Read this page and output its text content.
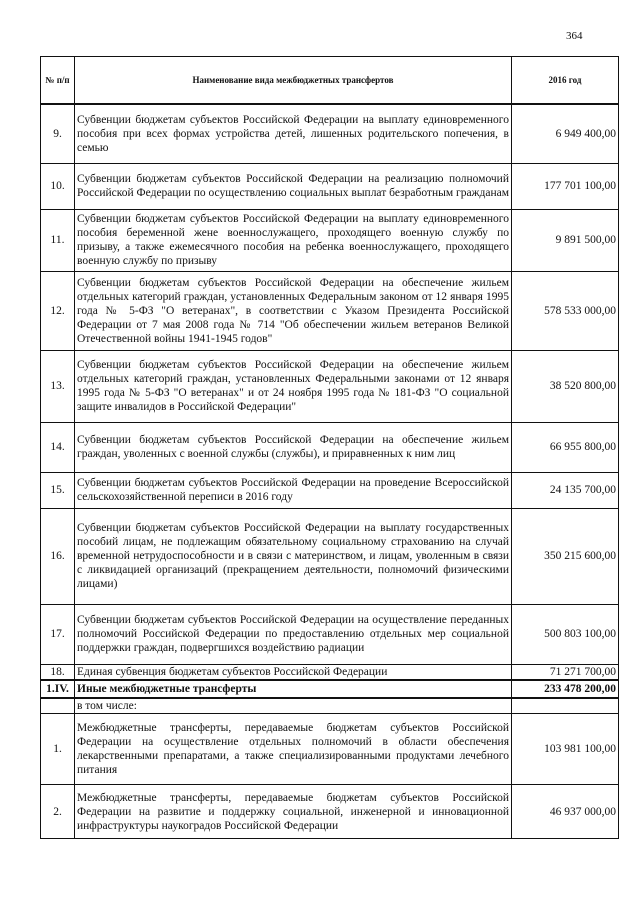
364
№ п/п	Наименование вида межбюджетных трансфертов	2016 год
9.	Субвенции бюджетам субъектов Российской Федерации на выплату единовременного пособия при всех формах устройства детей, лишенных родительского попечения, в семью	6 949 400,00
10.	Субвенции бюджетам субъектов Российской Федерации на реализацию полномочий Российской Федерации по осуществлению социальных выплат безработным гражданам	177 701 100,00
11.	Субвенции бюджетам субъектов Российской Федерации на выплату единовременного пособия беременной жене военнослужащего, проходящего военную службу по призыву, а также ежемесячного пособия на ребенка военнослужащего, проходящего военную службу по призыву	9 891 500,00
12.	Субвенции бюджетам субъектов Российской Федерации на обеспечение жильем отдельных категорий граждан, установленных Федеральным законом от 12 января 1995 года № 5-ФЗ "О ветеранах", в соответствии с Указом Президента Российской Федерации от 7 мая 2008 года № 714 "Об обеспечении жильем ветеранов Великой Отечественной войны 1941-1945 годов"	578 533 000,00
13.	Субвенции бюджетам субъектов Российской Федерации на обеспечение жильем отдельных категорий граждан, установленных Федеральными законами от 12 января 1995 года № 5-ФЗ "О ветеранах" и от 24 ноября 1995 года № 181-ФЗ "О социальной защите инвалидов в Российской Федерации"	38 520 800,00
14.	Субвенции бюджетам субъектов Российской Федерации на обеспечение жильем граждан, уволенных с военной службы (службы), и приравненных к ним лиц	66 955 800,00
15.	Субвенции бюджетам субъектов Российской Федерации на проведение Всероссийской сельскохозяйственной переписи в 2016 году	24 135 700,00
16.	Субвенции бюджетам субъектов Российской Федерации на выплату государственных пособий лицам, не подлежащим обязательному социальному страхованию на случай временной нетрудоспособности и в связи с материнством, и лицам, уволенным в связи с ликвидацией организаций (прекращением деятельности, полномочий физическими лицами)	350 215 600,00
17.	Субвенции бюджетам субъектов Российской Федерации на осуществление переданных полномочий Российской Федерации по предоставлению отдельных мер социальной поддержки граждан, подвергшихся воздействию радиации	500 803 100,00
18.	Единая субвенция бюджетам субъектов Российской Федерации	71 271 700,00
1.IV.	Иные межбюджетные трансферты	233 478 200,00
	в том числе:	
1.	Межбюджетные трансферты, передаваемые бюджетам субъектов Российской Федерации на осуществление отдельных полномочий в области обеспечения лекарственными препаратами, а также специализированными продуктами лечебного питания	103 981 100,00
2.	Межбюджетные трансферты, передаваемые бюджетам субъектов Российской Федерации на развитие и поддержку социальной, инженерной и инновационной инфраструктуры наукоградов Российской Федерации	46 937 000,00
